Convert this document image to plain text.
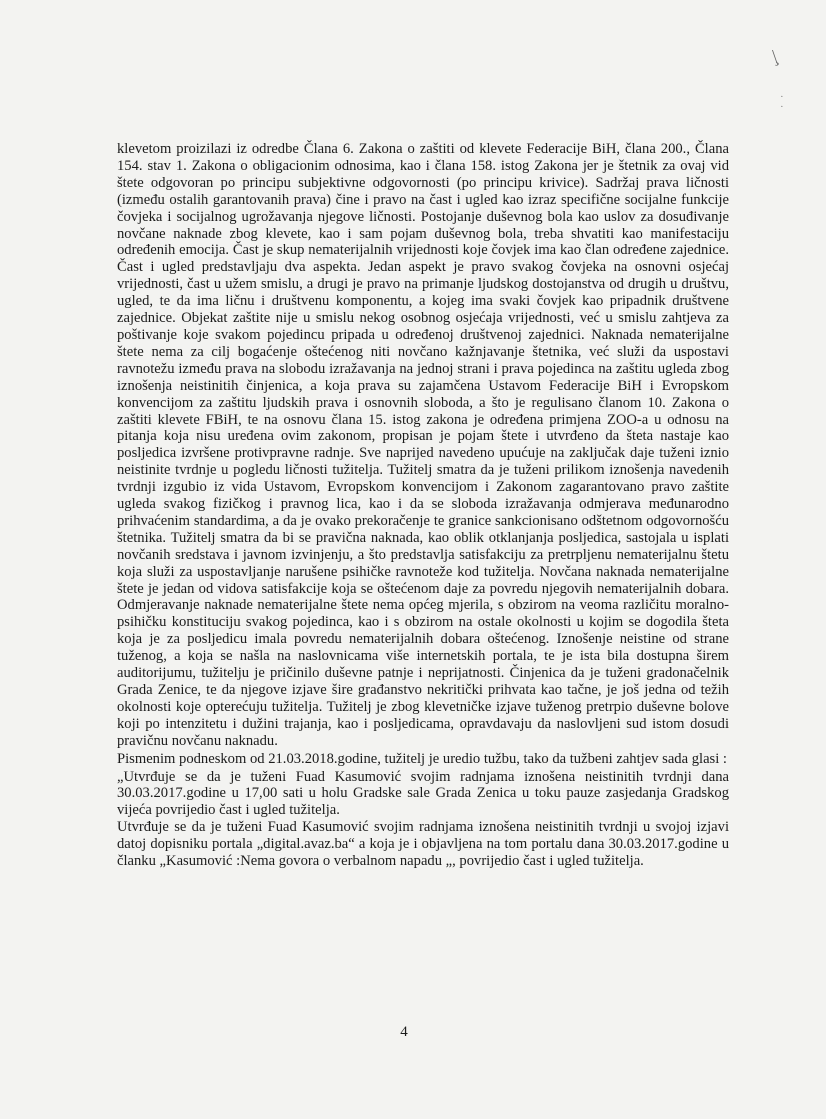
\̧
·
·

klevetom proizilazi iz odredbe Člana 6. Zakona o zaštiti od klevete Federacije BiH, člana 200., Člana 154. stav 1. Zakona o obligacionim odnosima, kao i člana 158. istog Zakona jer je štetnik za ovaj vid štete odgovoran po principu subjektivne odgovornosti (po principu krivice). Sadržaj prava ličnosti (između ostalih garantovanih prava) čine i pravo na čast i ugled kao izraz specifične socijalne funkcije čovjeka i socijalnog ugrožavanja njegove ličnosti. Postojanje duševnog bola kao uslov za dosuđivanje novčane naknade zbog klevete, kao i sam pojam duševnog bola, treba shvatiti kao manifestaciju određenih emocija. Čast je skup nematerijalnih vrijednosti koje čovjek ima kao član određene zajednice. Čast i ugled predstavljaju dva aspekta. Jedan aspekt je pravo svakog čovjeka na osnovni osjećaj vrijednosti, čast u užem smislu, a drugi je pravo na primanje ljudskog dostojanstva od drugih u društvu, ugled, te da ima ličnu i društvenu komponentu, a kojeg ima svaki čovjek kao pripadnik društvene zajednice. Objekat zaštite nije u smislu nekog osobnog osjećaja vrijednosti, već u smislu zahtjeva za poštivanje koje svakom pojedincu pripada u određenoj društvenoj zajednici. Naknada nematerijalne štete nema za cilj bogaćenje oštećenog niti novčano kažnjavanje štetnika, već služi da uspostavi ravnotežu između prava na slobodu izražavanja na jednoj strani i prava pojedinca na zaštitu ugleda zbog iznošenja neistinitih činjenica, a koja prava su zajamčena Ustavom Federacije BiH i Evropskom konvencijom za zaštitu ljudskih prava i osnovnih sloboda, a što je regulisano članom 10. Zakona o zaštiti klevete FBiH, te na osnovu člana 15. istog zakona je određena primjena ZOO-a u odnosu na pitanja koja nisu uređena ovim zakonom, propisan je pojam štete i utvrđeno da šteta nastaje kao posljedica izvršene protivpravne radnje. Sve naprijed navedeno upućuje na zaključak daje tuženi iznio neistinite tvrdnje u pogledu ličnosti tužitelja. Tužitelj smatra da je tuženi prilikom iznošenja navedenih tvrdnji izgubio iz vida Ustavom, Evropskom konvencijom i Zakonom zagarantovano pravo zaštite ugleda svakog fizičkog i pravnog lica, kao i da se sloboda izražavanja odmjerava međunarodno prihvaćenim standardima, a da je ovako prekoračenje te granice sankcionisano odštetnom odgovornošću štetnika. Tužitelj smatra da bi se pravična naknada, kao oblik otklanjanja posljedica, sastojala u isplati novčanih sredstava i javnom izvinjenju, a što predstavlja satisfakciju za pretrpljenu nematerijalnu štetu koja služi za uspostavljanje narušene psihičke ravnoteže kod tužitelja. Novčana naknada nematerijalne štete je jedan od vidova satisfakcije koja se oštećenom daje za povredu njegovih nematerijalnih dobara. Odmjeravanje naknade nematerijalne štete nema općeg mjerila, s obzirom na veoma različitu moralno-psihičku konstituciju svakog pojedinca, kao i s obzirom na ostale okolnosti u kojim se dogodila šteta koja je za posljedicu imala povredu nematerijalnih dobara oštećenog. Iznošenje neistine od strane tuženog, a koja se našla na naslovnicama više internetskih portala, te je ista bila dostupna širem auditorijumu, tužitelju je pričinilo duševne patnje i neprijatnosti. Činjenica da je tuženi gradonačelnik Grada Zenice, te da njegove izjave šire građanstvo nekritički prihvata kao tačne, je još jedna od težih okolnosti koje opterećuju tužitelja. Tužitelj je zbog klevetničke izjave tuženog pretrpio duševne bolove koji po intenzitetu i dužini trajanja, kao i posljedicama, opravdavaju da naslovljeni sud istom dosudi pravičnu novčanu naknadu.

Pismenim podneskom od 21.03.2018.godine, tužitelj je uredio tužbu, tako da tužbeni zahtjev sada glasi :

„Utvrđuje se da je tuženi Fuad Kasumović svojim radnjama iznošena neistinitih tvrdnji dana 30.03.2017.godine u 17,00 sati u holu Gradske sale Grada Zenica u toku pauze zasjedanja Gradskog vijeća povrijedio čast i ugled tužitelja.

Utvrđuje se da je tuženi Fuad Kasumović svojim radnjama iznošena neistinitih tvrdnji u svojoj izjavi datoj dopisniku portala „digital.avaz.ba“ a koja je i objavljena na tom portalu dana 30.03.2017.godine u članku „Kasumović :Nema govora o verbalnom napadu „, povrijedio čast i ugled tužitelja.

4
